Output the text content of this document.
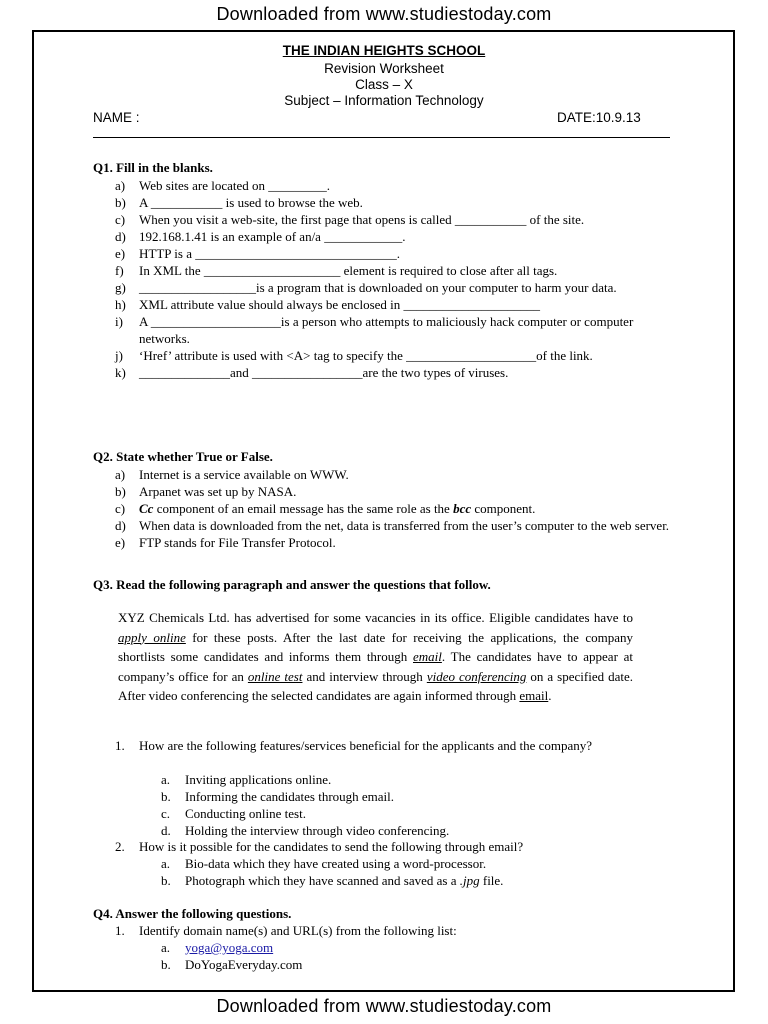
Downloaded from www.studiestoday.com
THE INDIAN HEIGHTS SCHOOL
Revision Worksheet
Class – X
Subject – Information Technology
NAME :	DATE:10.9.13
Q1. Fill in the blanks.
a) Web sites are located on _________.
b) A ___________ is used to browse the web.
c) When you visit a web-site, the first page that opens is called ___________ of the site.
d) 192.168.1.41 is an example of an/a ____________.
e) HTTP is a _______________________________.
f) In XML the _____________________ element is required to close after all tags.
g) __________________is a program that is downloaded on your computer to harm your data.
h) XML attribute value should always be enclosed in _____________________
i) A ____________________is a person who attempts to maliciously hack computer or computer networks.
j) ‘Href’ attribute is used with <A> tag to specify the ____________________of the link.
k) ______________and _________________are the two types of viruses.
Q2. State whether True or False.
a) Internet is a service available on WWW.
b) Arpanet was set up by NASA.
c) Cc component of an email message has the same role as the bcc component.
d) When data is downloaded from the net, data is transferred from the user’s computer to the web server.
e) FTP stands for File Transfer Protocol.
Q3. Read the following paragraph and answer the questions that follow.
XYZ Chemicals Ltd. has advertised for some vacancies in its office. Eligible candidates have to apply online for these posts. After the last date for receiving the applications, the company shortlists some candidates and informs them through email. The candidates have to appear at company’s office for an online test and interview through video conferencing on a specified date. After video conferencing the selected candidates are again informed through email.
1. How are the following features/services beneficial for the applicants and the company?
a. Inviting applications online.
b. Informing the candidates through email.
c. Conducting online test.
d. Holding the interview through video conferencing.
2. How is it possible for the candidates to send the following through email?
a. Bio-data which they have created using a word-processor.
b. Photograph which they have scanned and saved as a .jpg file.
Q4. Answer the following questions.
1. Identify domain name(s) and URL(s) from the following list:
a. yoga@yoga.com
b. DoYogaEveryday.com
Downloaded from www.studiestoday.com
